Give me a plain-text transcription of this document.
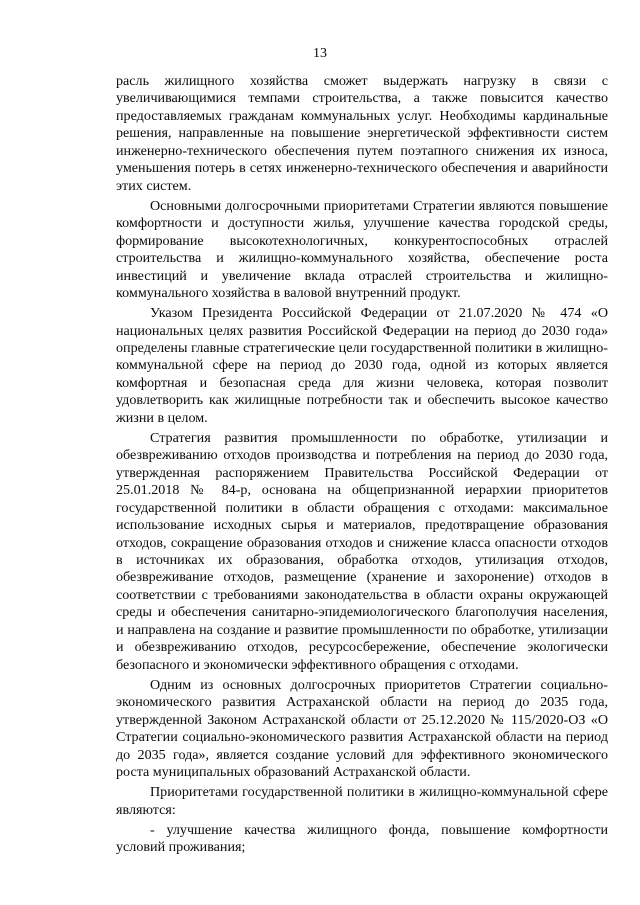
13

расль жилищного хозяйства сможет выдержать нагрузку в связи с увеличивающимися темпами строительства, а также повысится качество предоставляемых гражданам коммунальных услуг. Необходимы кардинальные решения, направленные на повышение энергетической эффективности систем инженерно-технического обеспечения путем поэтапного снижения их износа, уменьшения потерь в сетях инженерно-технического обеспечения и аварийности этих систем.

Основными долгосрочными приоритетами Стратегии являются повышение комфортности и доступности жилья, улучшение качества городской среды, формирование высокотехнологичных, конкурентоспособных отраслей строительства и жилищно-коммунального хозяйства, обеспечение роста инвестиций и увеличение вклада отраслей строительства и жилищно-коммунального хозяйства в валовой внутренний продукт.

Указом Президента Российской Федерации от 21.07.2020 № 474 «О национальных целях развития Российской Федерации на период до 2030 года» определены главные стратегические цели государственной политики в жилищно-коммунальной сфере на период до 2030 года, одной из которых является комфортная и безопасная среда для жизни человека, которая позволит удовлетворить как жилищные потребности так и обеспечить высокое качество жизни в целом.

Стратегия развития промышленности по обработке, утилизации и обезвреживанию отходов производства и потребления на период до 2030 года, утвержденная распоряжением Правительства Российской Федерации от 25.01.2018 № 84-р, основана на общепризнанной иерархии приоритетов государственной политики в области обращения с отходами: максимальное использование исходных сырья и материалов, предотвращение образования отходов, сокращение образования отходов и снижение класса опасности отходов в источниках их образования, обработка отходов, утилизация отходов, обезвреживание отходов, размещение (хранение и захоронение) отходов в соответствии с требованиями законодательства в области охраны окружающей среды и обеспечения санитарно-эпидемиологического благополучия населения, и направлена на создание и развитие промышленности по обработке, утилизации и обезвреживанию отходов, ресурсосбережение, обеспечение экологически безопасного и экономически эффективного обращения с отходами.

Одним из основных долгосрочных приоритетов Стратегии социально-экономического развития Астраханской области на период до 2035 года, утвержденной Законом Астраханской области от 25.12.2020 № 115/2020-ОЗ «О Стратегии социально-экономического развития Астраханской области на период до 2035 года», является создание условий для эффективного экономического роста муниципальных образований Астраханской области.

Приоритетами государственной политики в жилищно-коммунальной сфере являются:

- улучшение качества жилищного фонда, повышение комфортности условий проживания;
